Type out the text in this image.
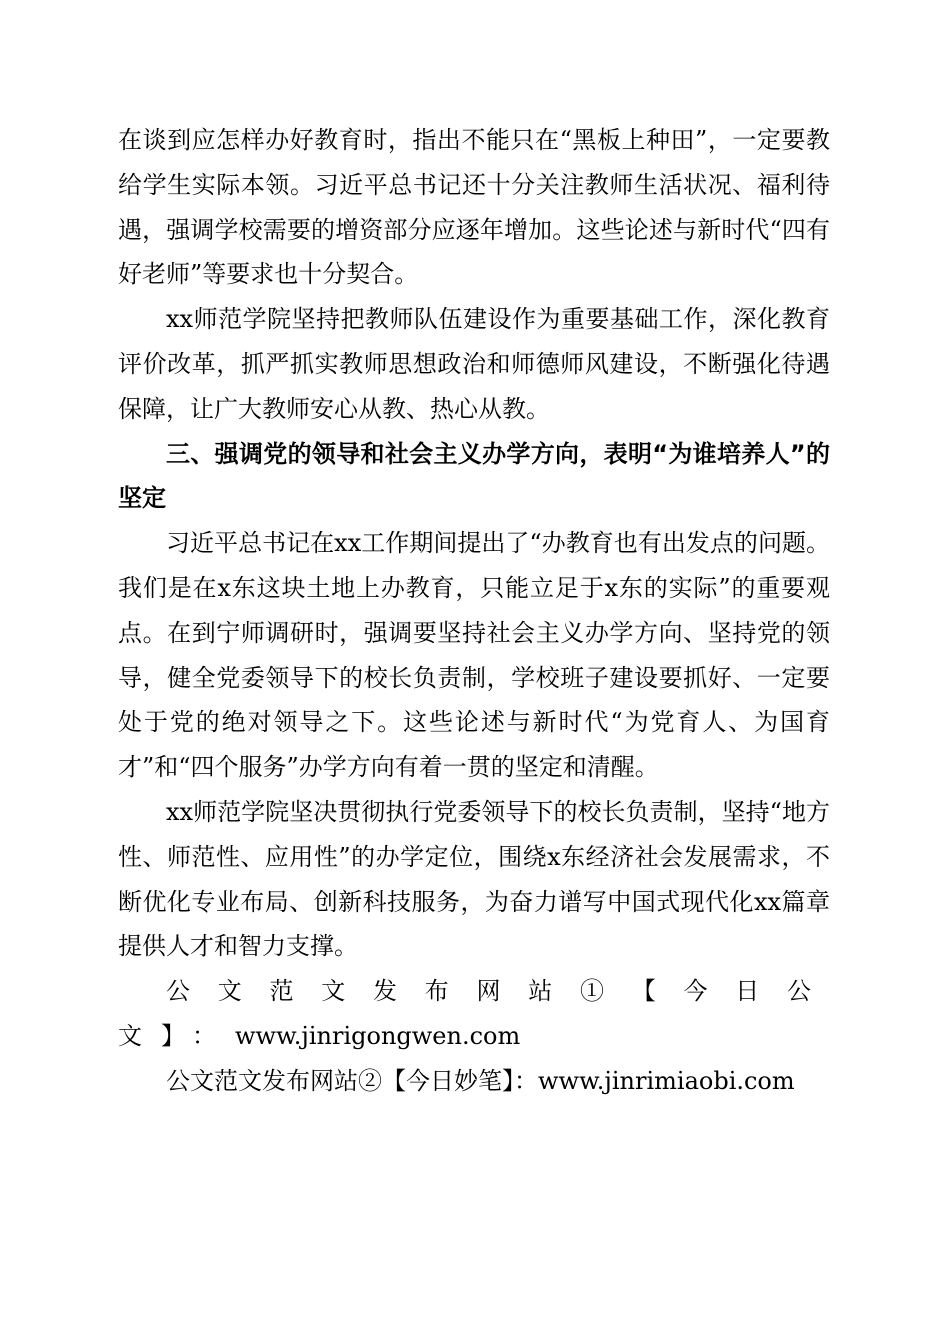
在谈到应怎样办好教育时，指出不能只在“黑板上种田”，一定要教给学生实际本领。习近平总书记还十分关注教师生活状况、福利待遇，强调学校需要的增资部分应逐年增加。这些论述与新时代“四有好老师”等要求也十分契合。

xx师范学院坚持把教师队伍建设作为重要基础工作，深化教育评价改革，抓严抓实教师思想政治和师德师风建设，不断强化待遇保障，让广大教师安心从教、热心从教。

三、强调党的领导和社会主义办学方向，表明“为谁培养人”的坚定

习近平总书记在xx工作期间提出了“办教育也有出发点的问题。我们是在x东这块土地上办教育，只能立足于x东的实际”的重要观点。在到宁师调研时，强调要坚持社会主义办学方向、坚持党的领导，健全党委领导下的校长负责制，学校班子建设要抓好、一定要处于党的绝对领导之下。这些论述与新时代“为党育人、为国育才”和“四个服务”办学方向有着一贯的坚定和清醒。

xx师范学院坚决贯彻执行党委领导下的校长负责制，坚持“地方性、师范性、应用性”的办学定位，围绕x东经济社会发展需求，不断优化专业布局、创新科技服务，为奋力谱写中国式现代化xx篇章提供人才和智力支撑。

公文范文发布网站①【今日公文】：www.jinrigongwen.com

公文范文发布网站②【今日妙笔】：www.jinrimiaobi.com
